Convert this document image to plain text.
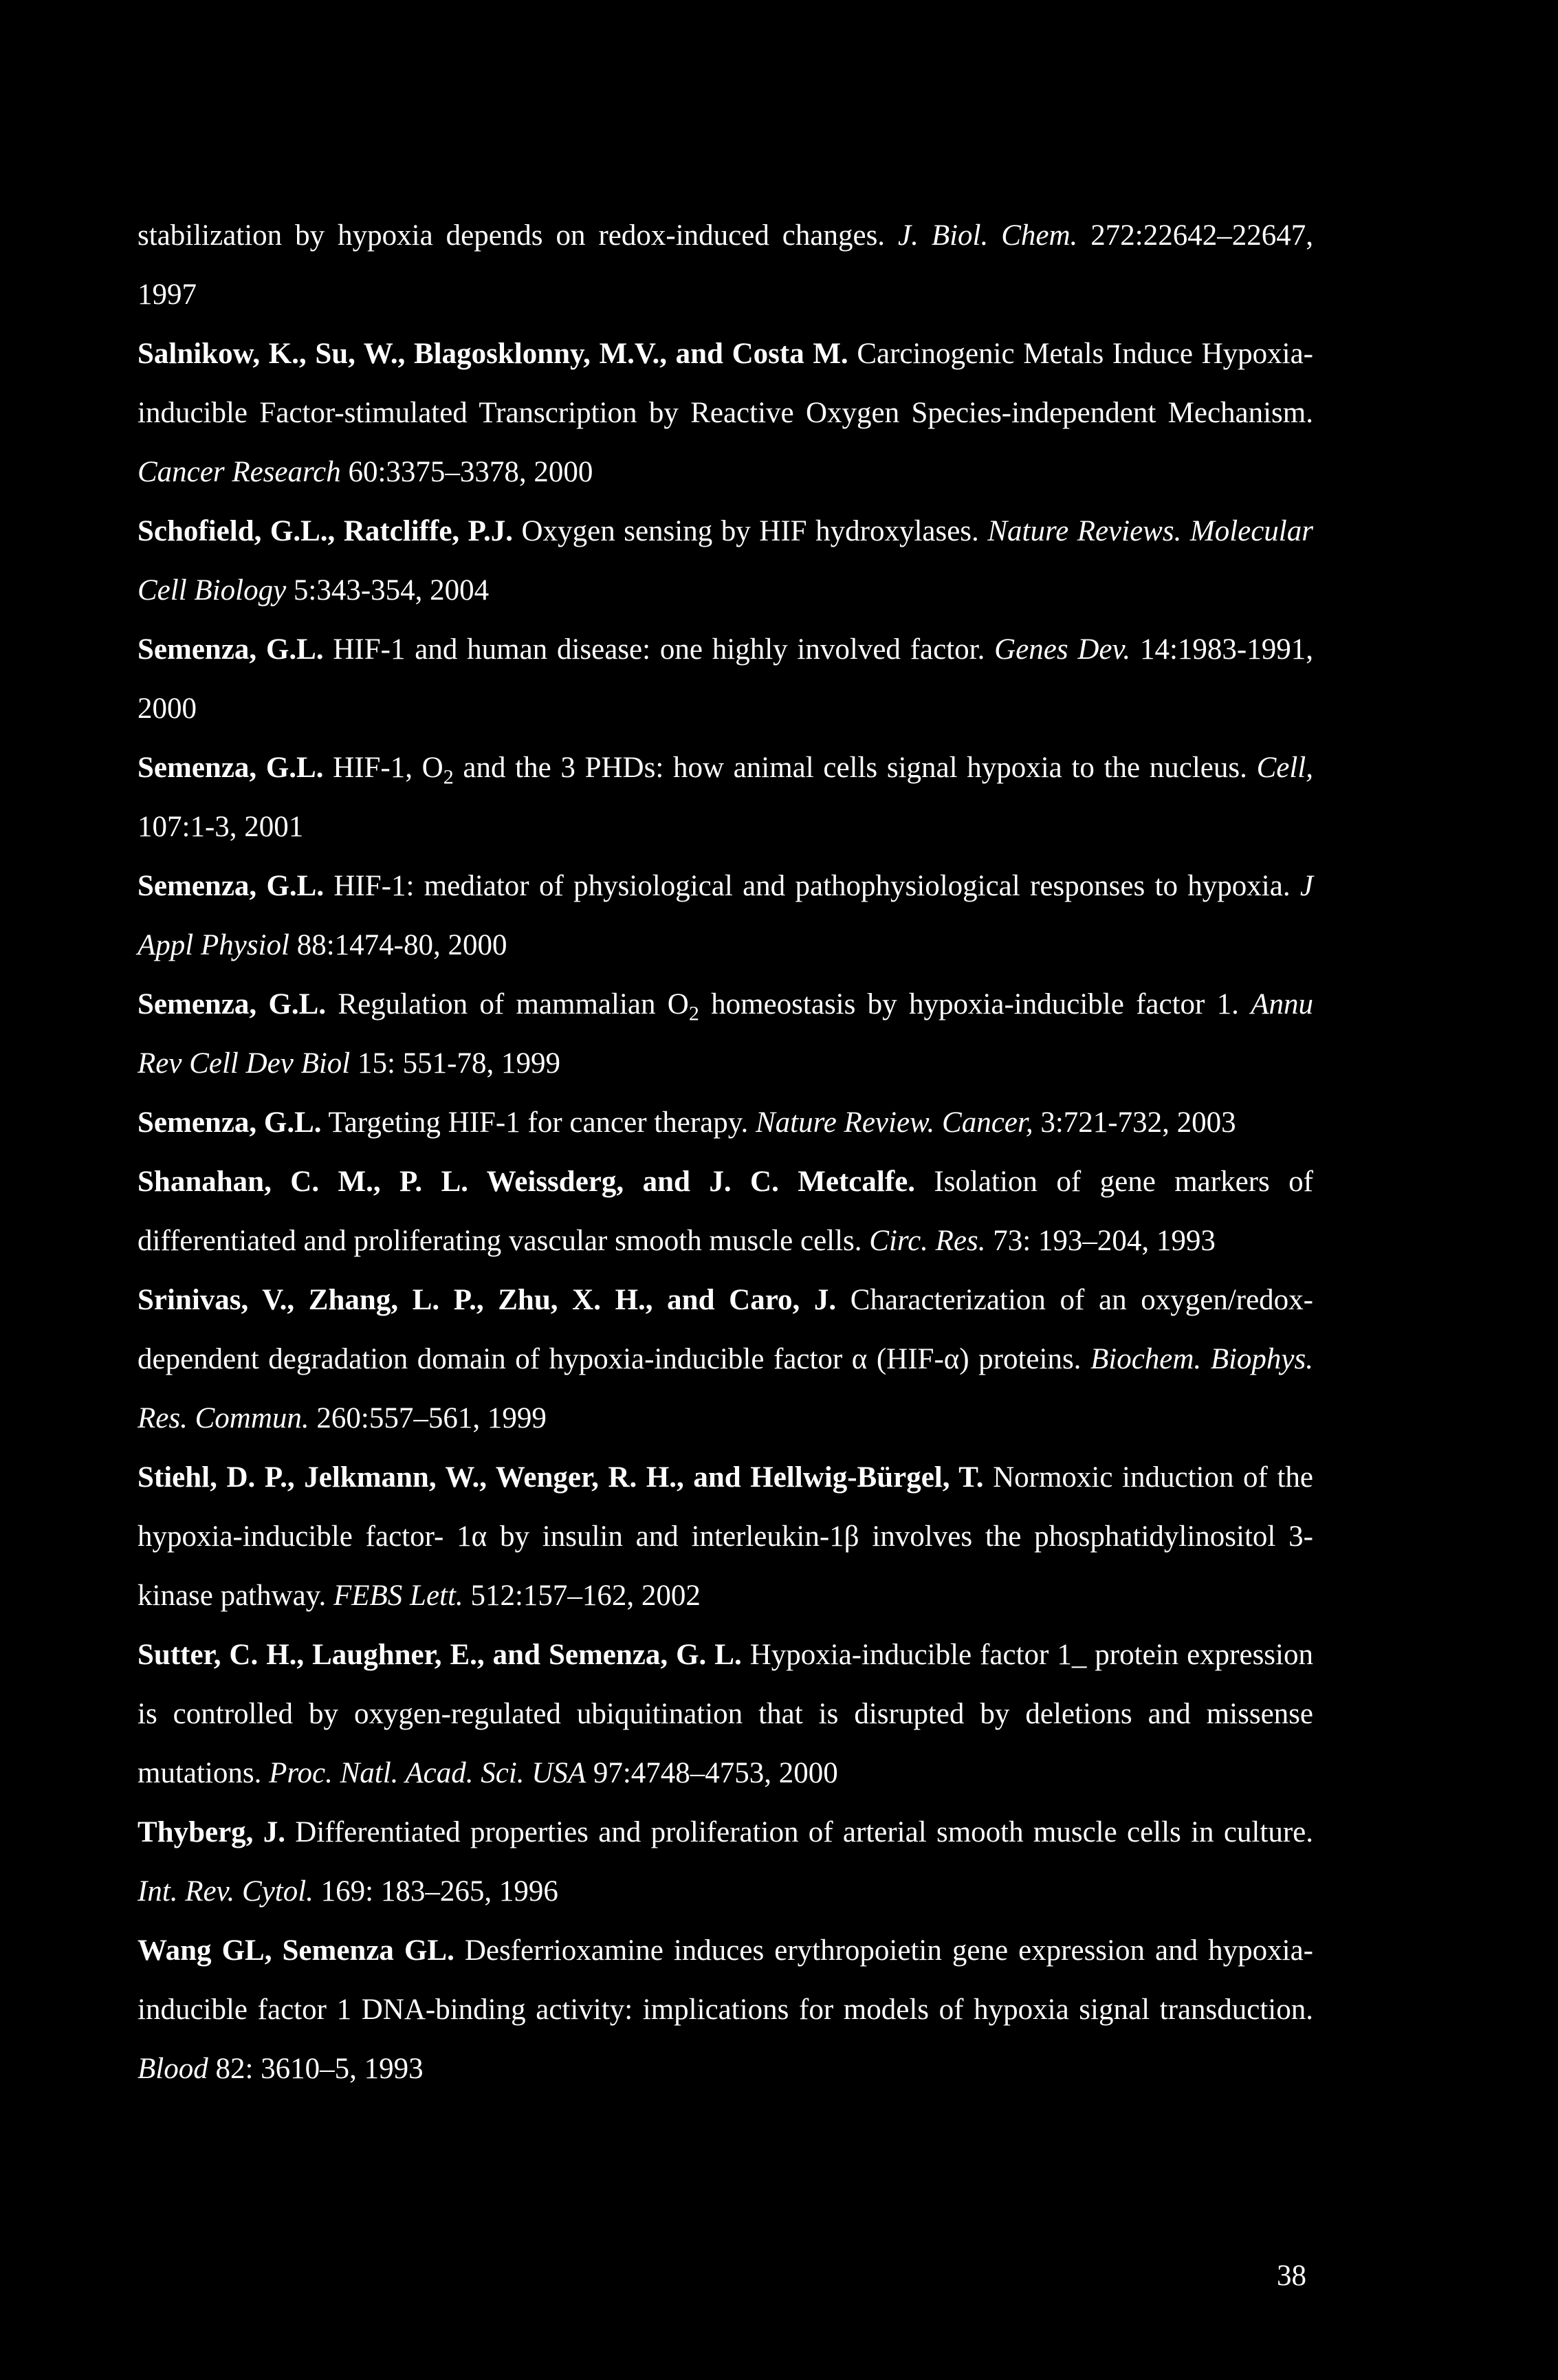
stabilization by hypoxia depends on redox-induced changes. J. Biol. Chem. 272:22642–22647, 1997

Salnikow, K., Su, W., Blagosklonny, M.V., and Costa M. Carcinogenic Metals Induce Hypoxia-inducible Factor-stimulated Transcription by Reactive Oxygen Species-independent Mechanism. Cancer Research 60:3375–3378, 2000

Schofield, G.L., Ratcliffe, P.J. Oxygen sensing by HIF hydroxylases. Nature Reviews. Molecular Cell Biology 5:343-354, 2004

Semenza, G.L. HIF-1 and human disease: one highly involved factor. Genes Dev. 14:1983-1991, 2000

Semenza, G.L. HIF-1, $O_2$ and the 3 PHDs: how animal cells signal hypoxia to the nucleus. Cell, 107:1-3, 2001

Semenza, G.L. HIF-1: mediator of physiological and pathophysiological responses to hypoxia. J Appl Physiol 88:1474-80, 2000

Semenza, G.L. Regulation of mammalian $O_2$ homeostasis by hypoxia-inducible factor 1. Annu Rev Cell Dev Biol 15: 551-78, 1999

Semenza, G.L. Targeting HIF-1 for cancer therapy. Nature Review. Cancer, 3:721-732, 2003

Shanahan, C. M., P. L. Weissderg, and J. C. Metcalfe. Isolation of gene markers of differentiated and proliferating vascular smooth muscle cells. Circ. Res. 73: 193–204, 1993

Srinivas, V., Zhang, L. P., Zhu, X. H., and Caro, J. Characterization of an oxygen/redox-dependent degradation domain of hypoxia-inducible factor α (HIF-α) proteins. Biochem. Biophys. Res. Commun. 260:557–561, 1999

Stiehl, D. P., Jelkmann, W., Wenger, R. H., and Hellwig-Bürgel, T. Normoxic induction of the hypoxia-inducible factor- 1α by insulin and interleukin-1β involves the phosphatidylinositol 3-kinase pathway. FEBS Lett. 512:157–162, 2002

Sutter, C. H., Laughner, E., and Semenza, G. L. Hypoxia-inducible factor 1_ protein expression is controlled by oxygen-regulated ubiquitination that is disrupted by deletions and missense mutations. Proc. Natl. Acad. Sci. USA 97:4748–4753, 2000

Thyberg, J. Differentiated properties and proliferation of arterial smooth muscle cells in culture. Int. Rev. Cytol. 169: 183–265, 1996

Wang GL, Semenza GL. Desferrioxamine induces erythropoietin gene expression and hypoxia-inducible factor 1 DNA-binding activity: implications for models of hypoxia signal transduction. Blood 82: 3610–5, 1993

38
